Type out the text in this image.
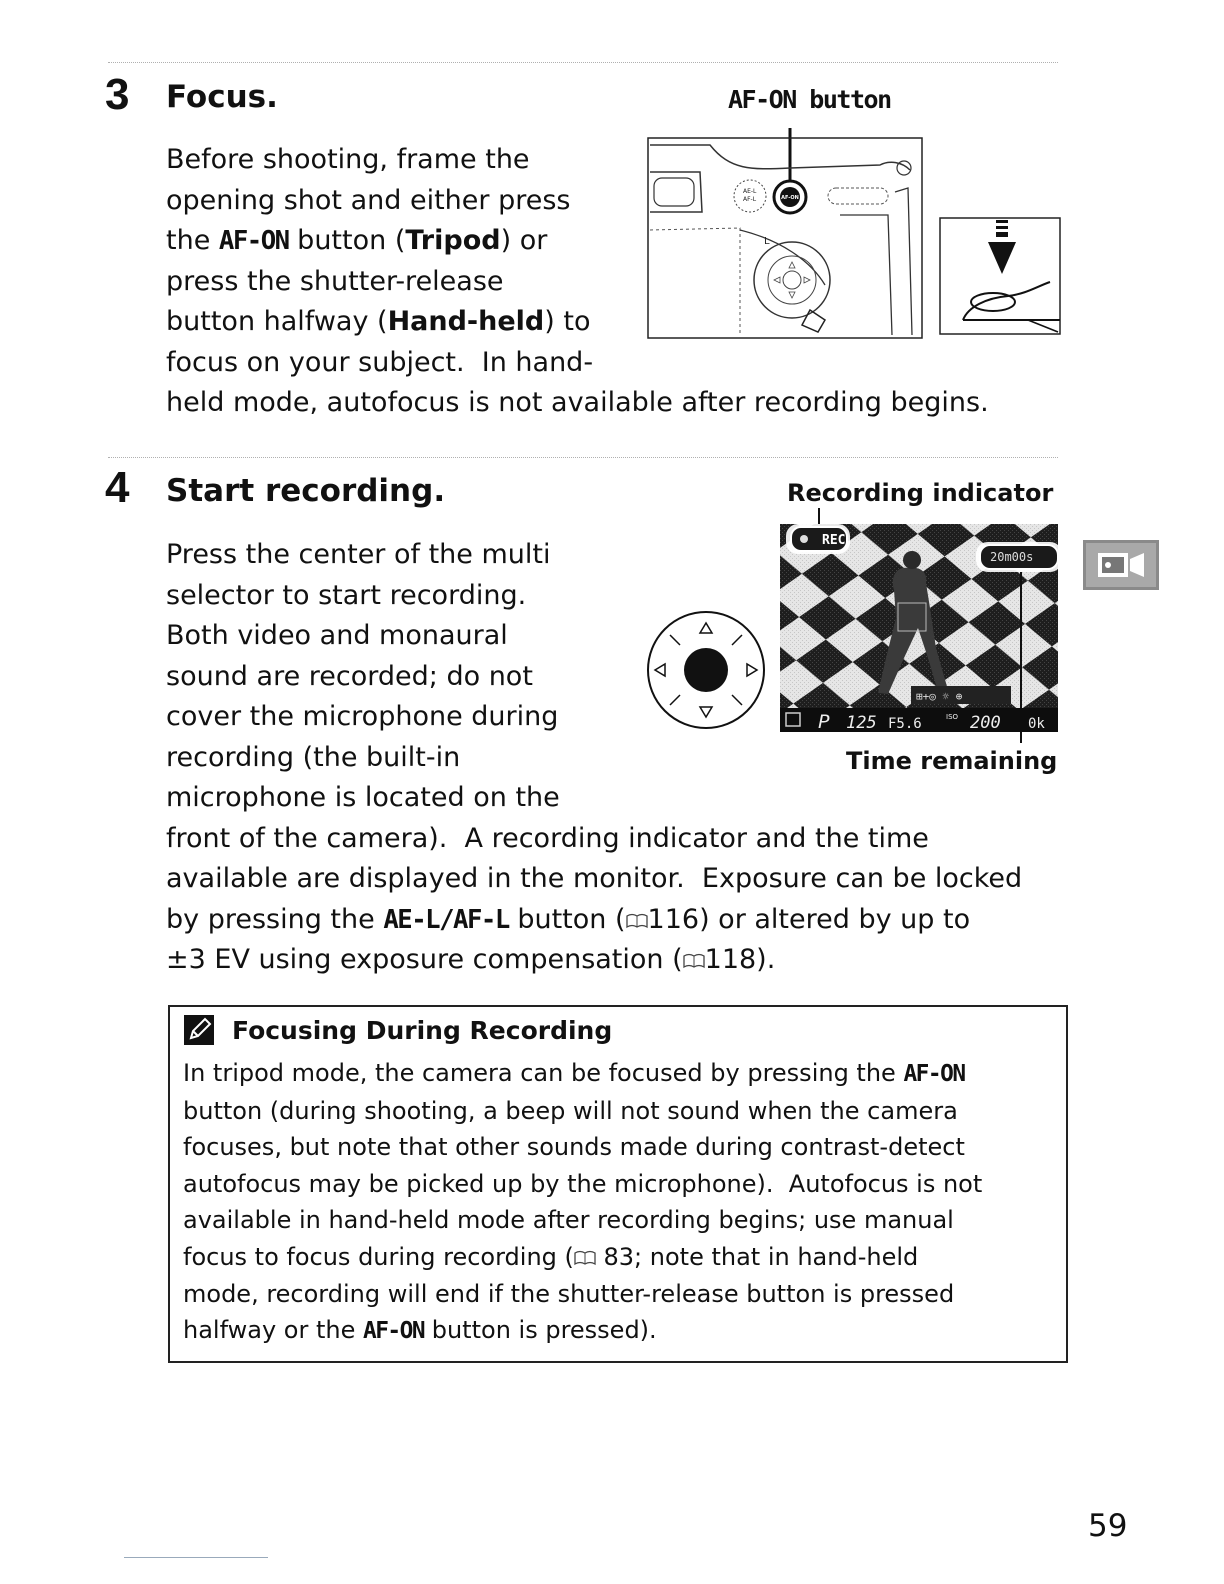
3 Focus.	AF-ON button
Before shooting, frame the
opening shot and either press
the AF-ON button (Tripod) or
press the shutter-release
button halfway (Hand-held) to
focus on your subject.  In hand-
held mode, autofocus is not available after recording begins.
AE-L
AF-L	AF-ON
L
4 Start recording.	Recording indicator
Press the center of the multi
selector to start recording.
Both video and monaural
sound are recorded; do not
cover the microphone during
recording (the built-in
microphone is located on the
front of the camera).  A recording indicator and the time
available are displayed in the monitor.  Exposure can be locked
by pressing the AE-L/AF-L button ( 116) or altered by up to
±3 EV using exposure compensation ( 118).
REC
20m00s
⊞+◎ ☼ ⊕
P 125 F5.6	ISO 200 0k
Time remaining
Focusing During Recording
In tripod mode, the camera can be focused by pressing the AF-ON
button (during shooting, a beep will not sound when the camera
focuses, but note that other sounds made during contrast-detect
autofocus may be picked up by the microphone).  Autofocus is not
available in hand-held mode after recording begins; use manual
focus to focus during recording ( 83; note that in hand-held
mode, recording will end if the shutter-release button is pressed
halfway or the AF-ON button is pressed).
59
